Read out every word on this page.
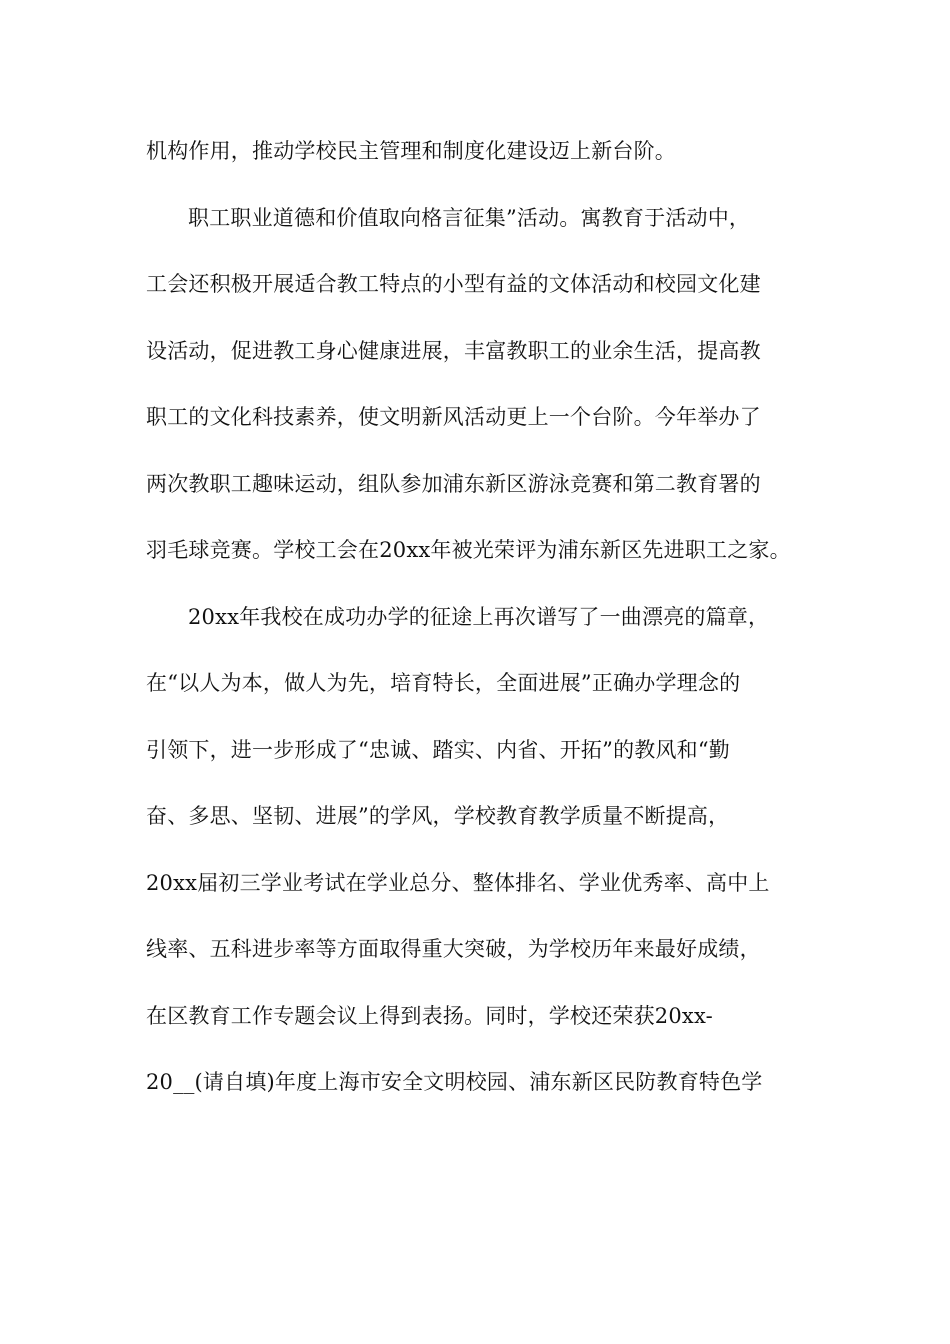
机构作用，推动学校民主管理和制度化建设迈上新台阶。
职工职业道德和价值取向格言征集”活动。寓教育于活动中，
工会还积极开展适合教工特点的小型有益的文体活动和校园文化建
设活动，促进教工身心健康进展，丰富教职工的业余生活，提高教
职工的文化科技素养，使文明新风活动更上一个台阶。今年举办了
两次教职工趣味运动，组队参加浦东新区游泳竞赛和第二教育署的
羽毛球竞赛。学校工会在20xx年被光荣评为浦东新区先进职工之家。
20xx年我校在成功办学的征途上再次谱写了一曲漂亮的篇章，
在“以人为本，做人为先，培育特长，全面进展”正确办学理念的
引领下，进一步形成了“忠诚、踏实、内省、开拓”的教风和“勤
奋、多思、坚韧、进展”的学风，学校教育教学质量不断提高，
20xx届初三学业考试在学业总分、整体排名、学业优秀率、高中上
线率、五科进步率等方面取得重大突破，为学校历年来最好成绩，
在区教育工作专题会议上得到表扬。同时，学校还荣获20xx-
20__(请自填)年度上海市安全文明校园、浦东新区民防教育特色学
